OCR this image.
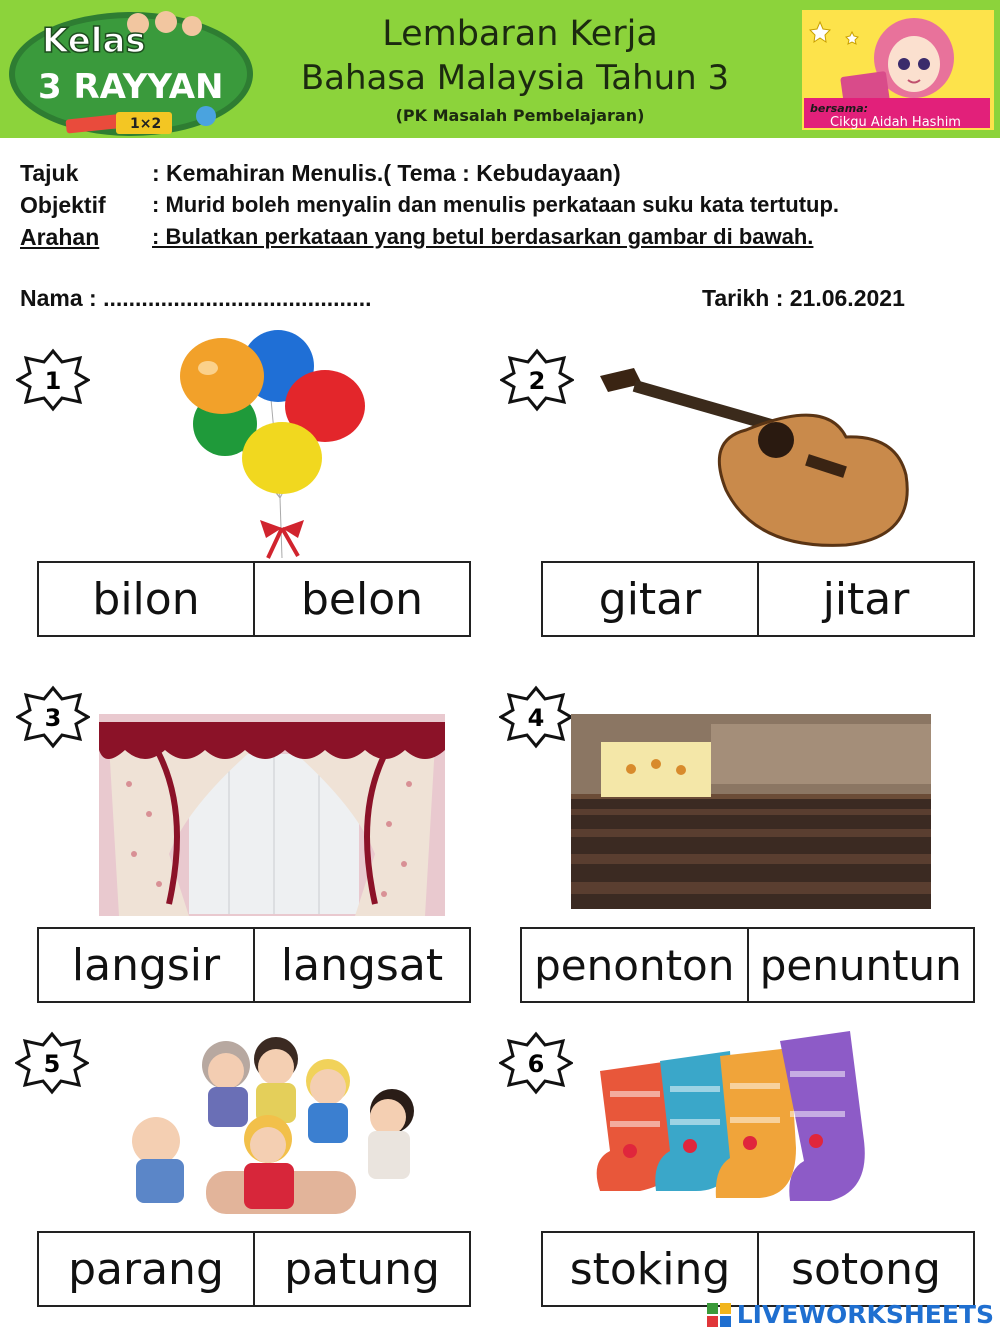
Kelas
3 RAYYAN
1×2
Lembaran Kerja
Bahasa Malaysia Tahun 3
(PK Masalah Pembelajaran)	bersama:
Cikgu Aidah Hashim
Tajuk	: Kemahiran Menulis.( Tema : Kebudayaan)
Objektif : Murid boleh menyalin dan menulis perkataan suku kata tertutup.
Arahan : Bulatkan perkataan yang betul berdasarkan gambar di bawah.
Nama : ..........................................	Tarikh : 21.06.2021
1
bilon	belon
2
gitar	jitar
3
langsir	langsat
4
penonton penuntun
5
parang	patung
6
stoking	sotong
LIVEWORKSHEETS
